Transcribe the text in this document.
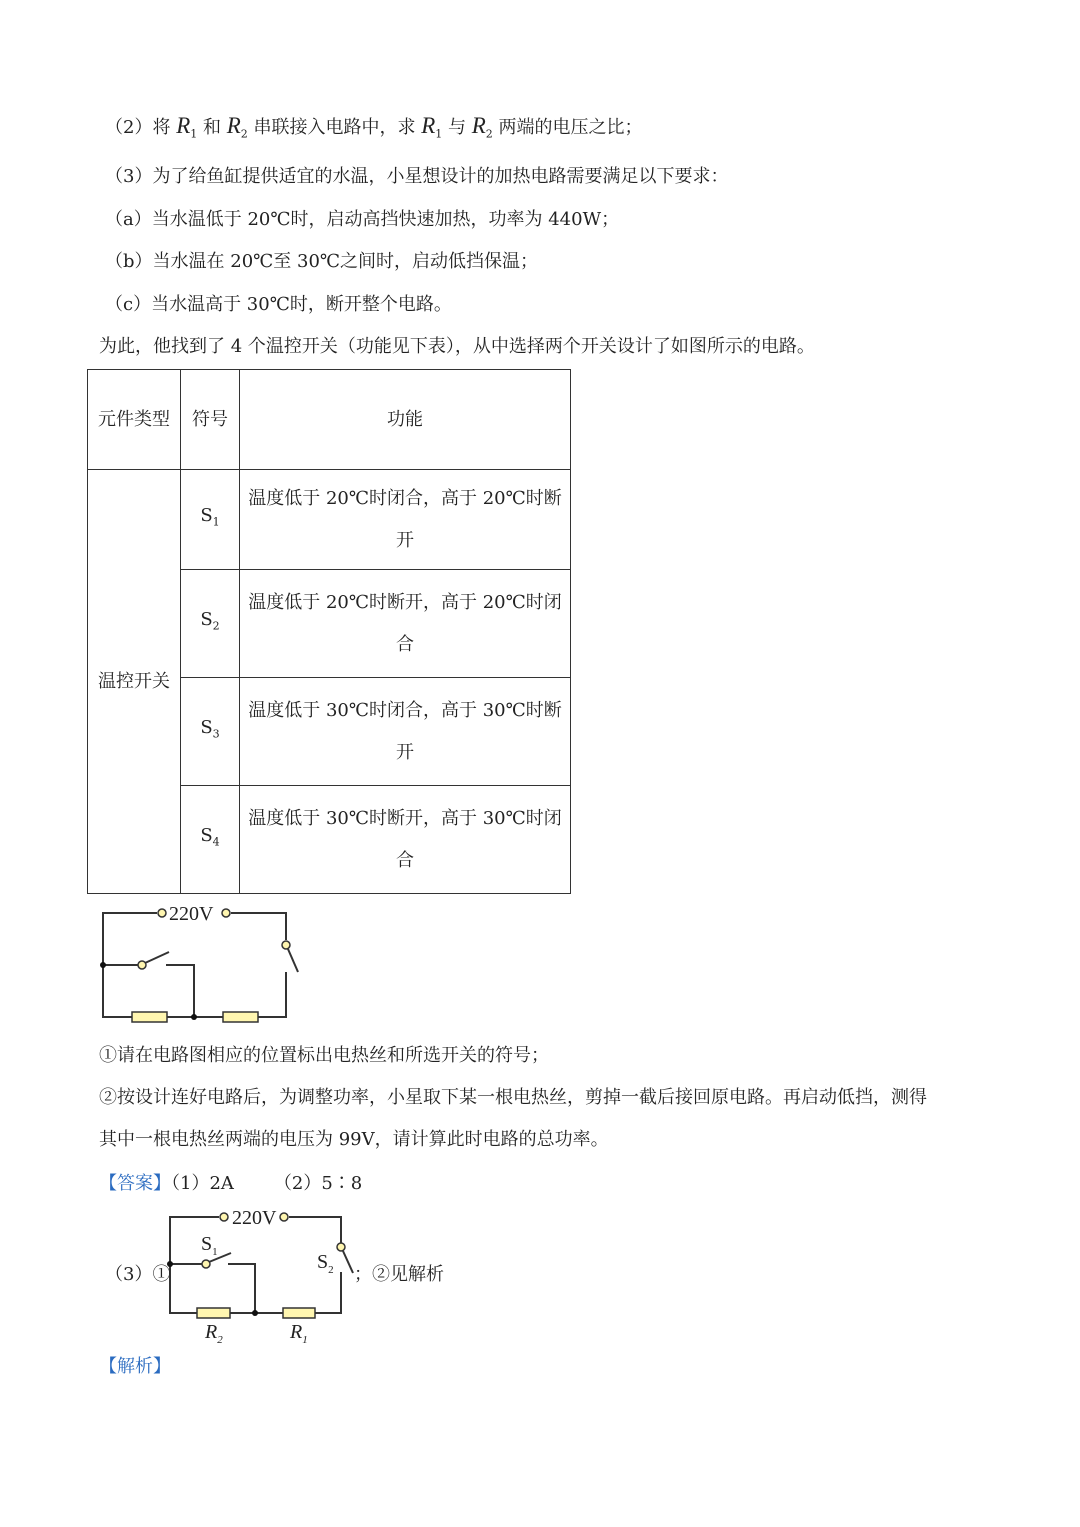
（2）将 $R_1$ 和 $R_2$ 串联接入电路中，求 $R_1$ 与 $R_2$ 两端的电压之比；
（3）为了给鱼缸提供适宜的水温，小星想设计的加热电路需要满足以下要求：
（a）当水温低于 20℃时，启动高挡快速加热，功率为 440W；
（b）当水温在 20℃至 30℃之间时，启动低挡保温；
（c）当水温高于 30℃时，断开整个电路。
为此，他找到了 4 个温控开关（功能见下表），从中选择两个开关设计了如图所示的电路。
元件类型	符号	功能
温控开关	$S_1$	温度低于 20℃时闭合，高于 20℃时断开
	$S_2$	温度低于 20℃时断开，高于 20℃时闭合
	$S_3$	温度低于 30℃时闭合，高于 30℃时断开
	$S_4$	温度低于 30℃时断开，高于 30℃时闭合
220V
①请在电路图相应的位置标出电热丝和所选开关的符号；
②按设计连好电路后，为调整功率，小星取下某一根电热丝，剪掉一截后接回原电路。再启动低挡，测得
其中一根电热丝两端的电压为 99V，请计算此时电路的总功率。
【答案】（1）2A （2）5∶8
220V
（3）①	；②见解析
$S_1$	$S_2$
$R_2$	$R_1$
【解析】
